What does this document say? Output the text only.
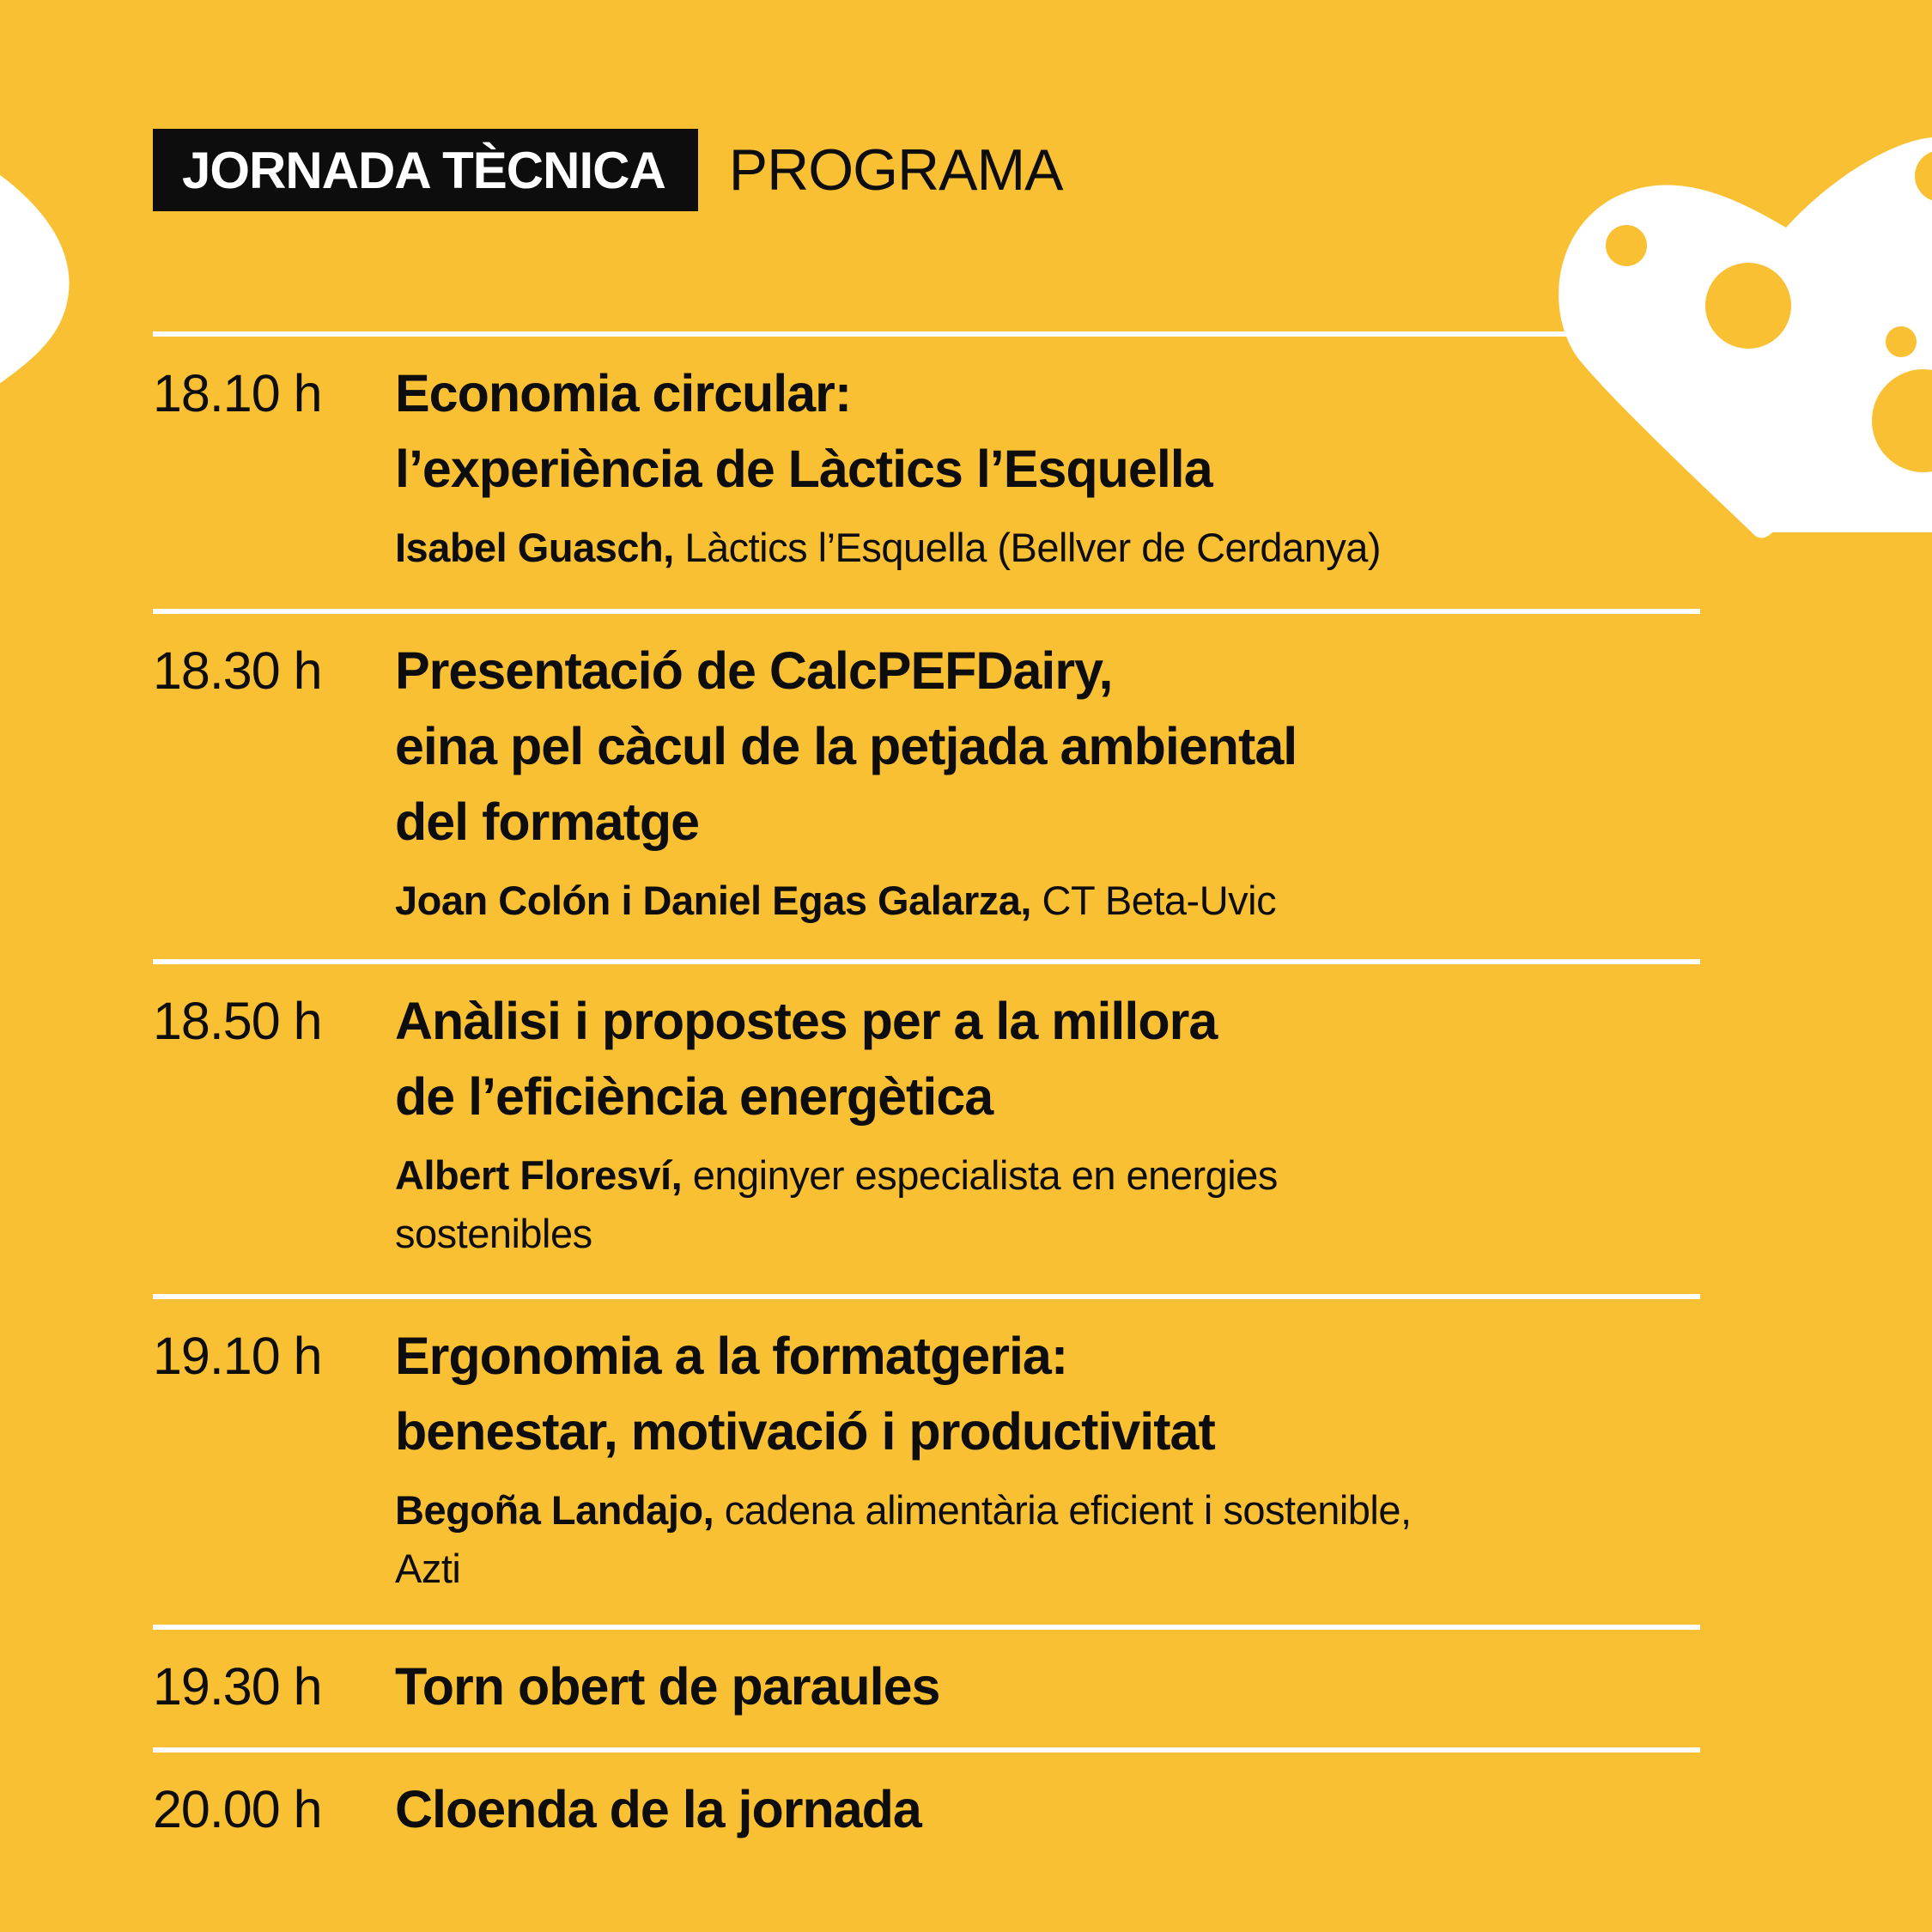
JORNADA TÈCNICA	PROGRAMA
18.10 h	Economia circular:
l’experiència de Làctics l’Esquella
Isabel Guasch, Làctics l’Esquella (Bellver de Cerdanya)
18.30 h	Presentació de CalcPEFDairy,
eina pel càcul de la petjada ambiental
del formatge
Joan Colón i Daniel Egas Galarza, CT Beta-Uvic
18.50 h	Anàlisi i propostes per a la millora
de l’eficiència energètica
Albert Floresví, enginyer especialista en energies
sostenibles
19.10 h	Ergonomia a la formatgeria:
benestar, motivació i productivitat
Begoña Landajo, cadena alimentària eficient i sostenible,
Azti
19.30 h	Torn obert de paraules
20.00 h	Cloenda de la jornada
